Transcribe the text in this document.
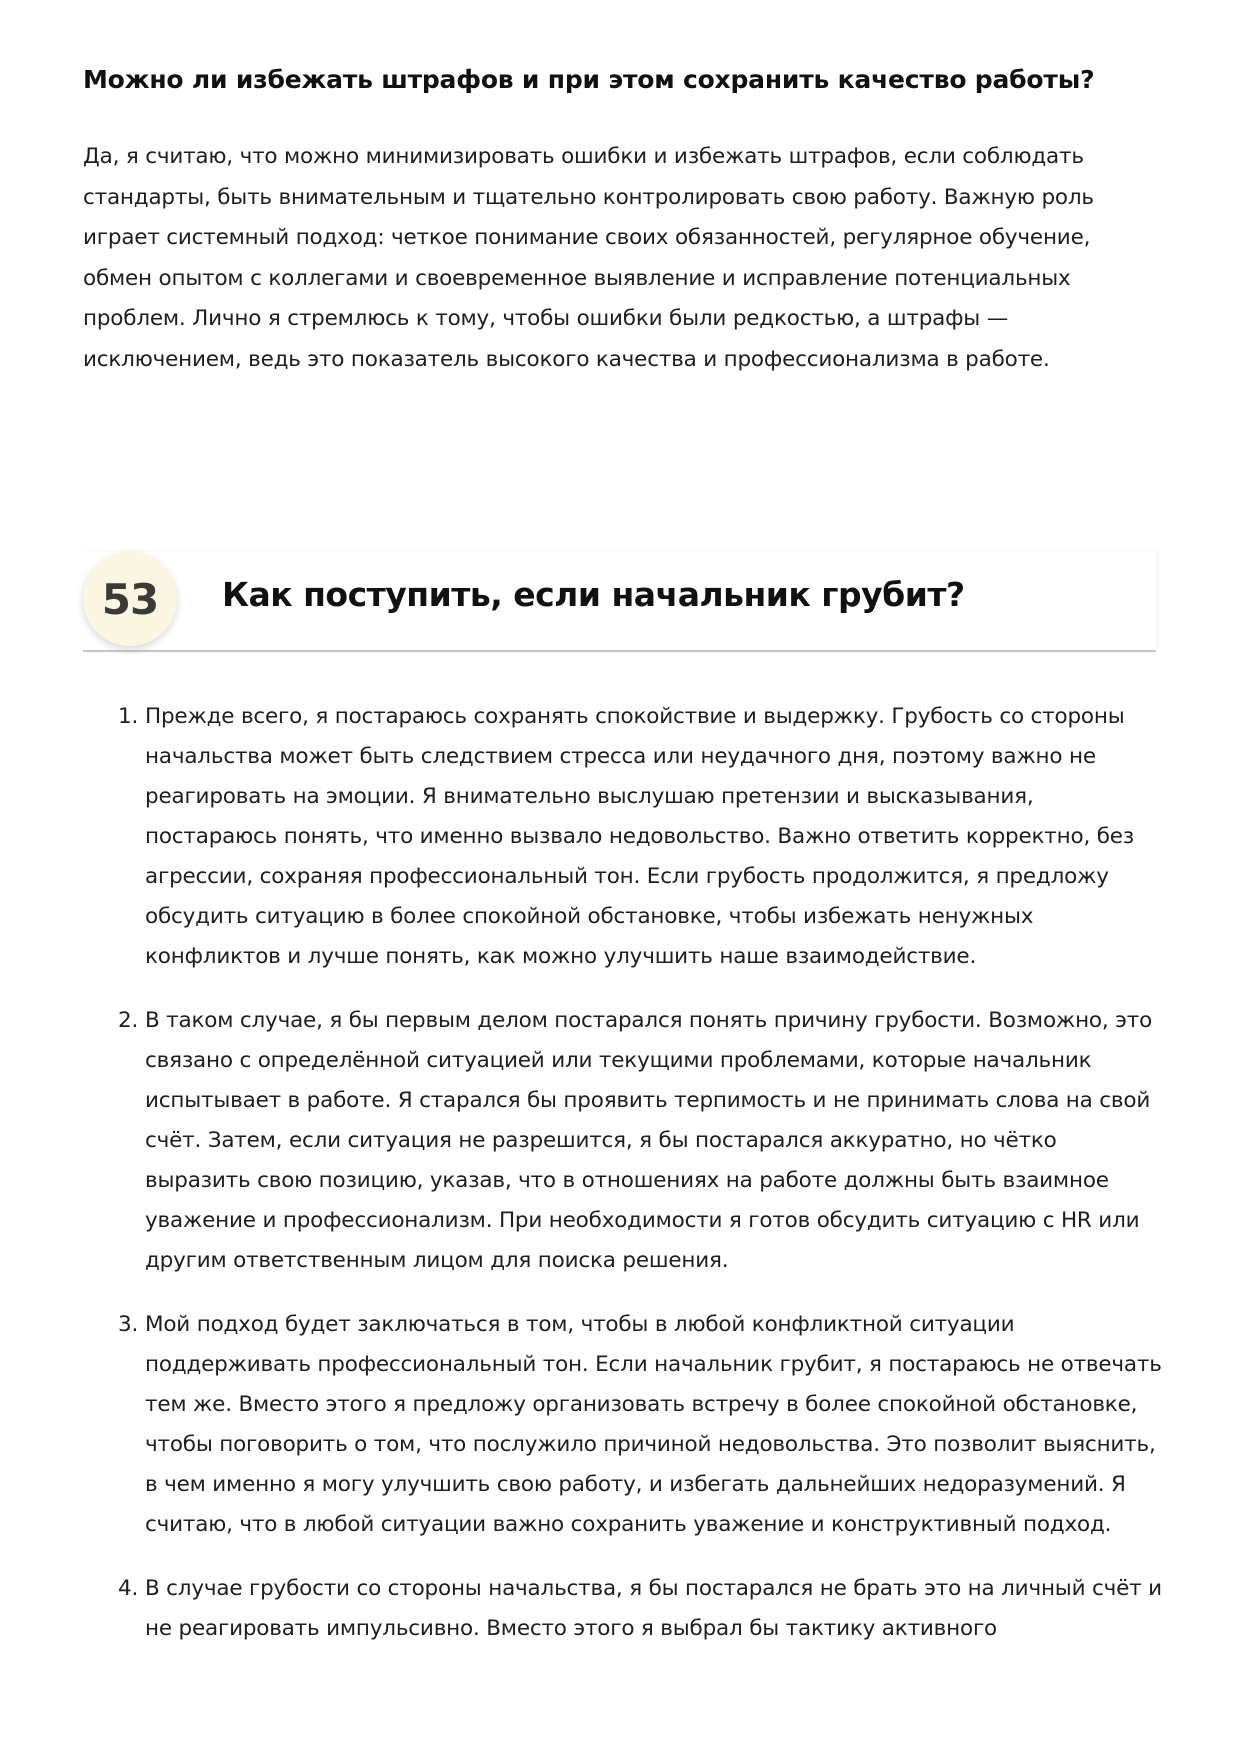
Можно ли избежать штрафов и при этом сохранить качество работы?

Да, я считаю, что можно минимизировать ошибки и избежать штрафов, если соблюдать стандарты, быть внимательным и тщательно контролировать свою работу. Важную роль играет системный подход: четкое понимание своих обязанностей, регулярное обучение, обмен опытом с коллегами и своевременное выявление и исправление потенциальных проблем. Лично я стремлюсь к тому, чтобы ошибки были редкостью, а штрафы — исключением, ведь это показатель высокого качества и профессионализма в работе.

53 Как поступить, если начальник грубит?
1. Прежде всего, я постараюсь сохранять спокойствие и выдержку. Грубость со стороны начальства может быть следствием стресса или неудачного дня, поэтому важно не реагировать на эмоции. Я внимательно выслушаю претензии и высказывания, постараюсь понять, что именно вызвало недовольство. Важно ответить корректно, без агрессии, сохраняя профессиональный тон. Если грубость продолжится, я предложу обсудить ситуацию в более спокойной обстановке, чтобы избежать ненужных конфликтов и лучше понять, как можно улучшить наше взаимодействие.
2. В таком случае, я бы первым делом постарался понять причину грубости. Возможно, это связано с определённой ситуацией или текущими проблемами, которые начальник испытывает в работе. Я старался бы проявить терпимость и не принимать слова на свой счёт. Затем, если ситуация не разрешится, я бы постарался аккуратно, но чётко выразить свою позицию, указав, что в отношениях на работе должны быть взаимное уважение и профессионализм. При необходимости я готов обсудить ситуацию с HR или другим ответственным лицом для поиска решения.
3. Мой подход будет заключаться в том, чтобы в любой конфликтной ситуации поддерживать профессиональный тон. Если начальник грубит, я постараюсь не отвечать тем же. Вместо этого я предложу организовать встречу в более спокойной обстановке, чтобы поговорить о том, что послужило причиной недовольства. Это позволит выяснить, в чем именно я могу улучшить свою работу, и избегать дальнейших недоразумений. Я считаю, что в любой ситуации важно сохранить уважение и конструктивный подход.
4. В случае грубости со стороны начальства, я бы постарался не брать это на личный счёт и не реагировать импульсивно. Вместо этого я выбрал бы тактику активного
